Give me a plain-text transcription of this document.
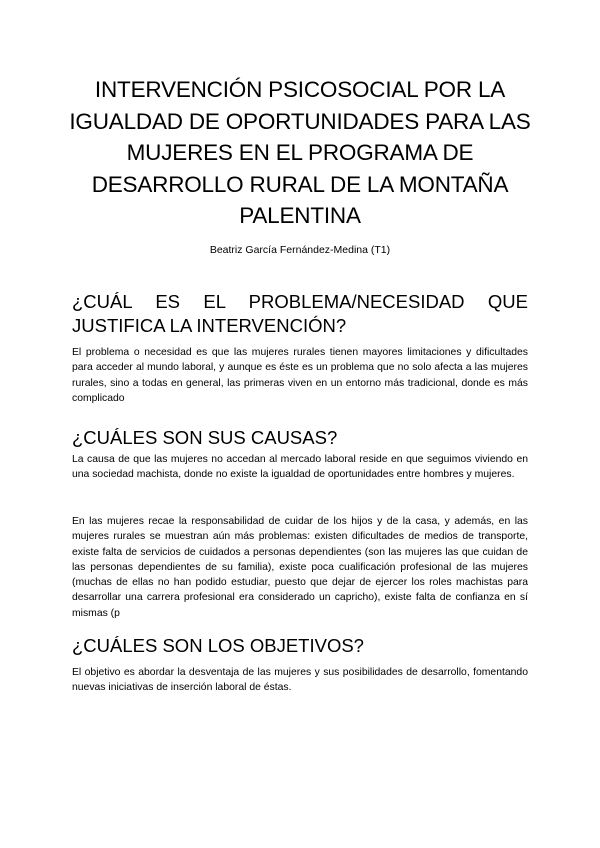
INTERVENCIÓN PSICOSOCIAL POR LA IGUALDAD DE OPORTUNIDADES PARA LAS MUJERES EN EL PROGRAMA DE DESARROLLO RURAL DE LA MONTAÑA PALENTINA

Beatriz García Fernández-Medina (T1)

¿CUÁL ES EL PROBLEMA/NECESIDAD QUE JUSTIFICA LA INTERVENCIÓN?

El problema o necesidad es que las mujeres rurales tienen mayores limitaciones y dificultades para acceder al mundo laboral, y aunque es éste es un problema que no solo afecta a las mujeres rurales, sino a todas en general, las primeras viven en un entorno más tradicional, donde es más complicado

¿CUÁLES SON SUS CAUSAS?

La causa de que las mujeres no accedan al mercado laboral reside en que seguimos viviendo en una sociedad machista, donde no existe la igualdad de oportunidades entre hombres y mujeres.

En las mujeres recae la responsabilidad de cuidar de los hijos y de la casa, y además, en las mujeres rurales se muestran aún más problemas: existen dificultades de medios de transporte, existe falta de servicios de cuidados a personas dependientes (son las mujeres las que cuidan de las personas dependientes de su familia), existe poca cualificación profesional de las mujeres (muchas de ellas no han podido estudiar, puesto que dejar de ejercer los roles machistas para desarrollar una carrera profesional era considerado un capricho), existe falta de confianza en sí mismas (p

¿CUÁLES SON LOS OBJETIVOS?

El objetivo es abordar la desventaja de las mujeres y sus posibilidades de desarrollo, fomentando nuevas iniciativas de inserción laboral de éstas.
